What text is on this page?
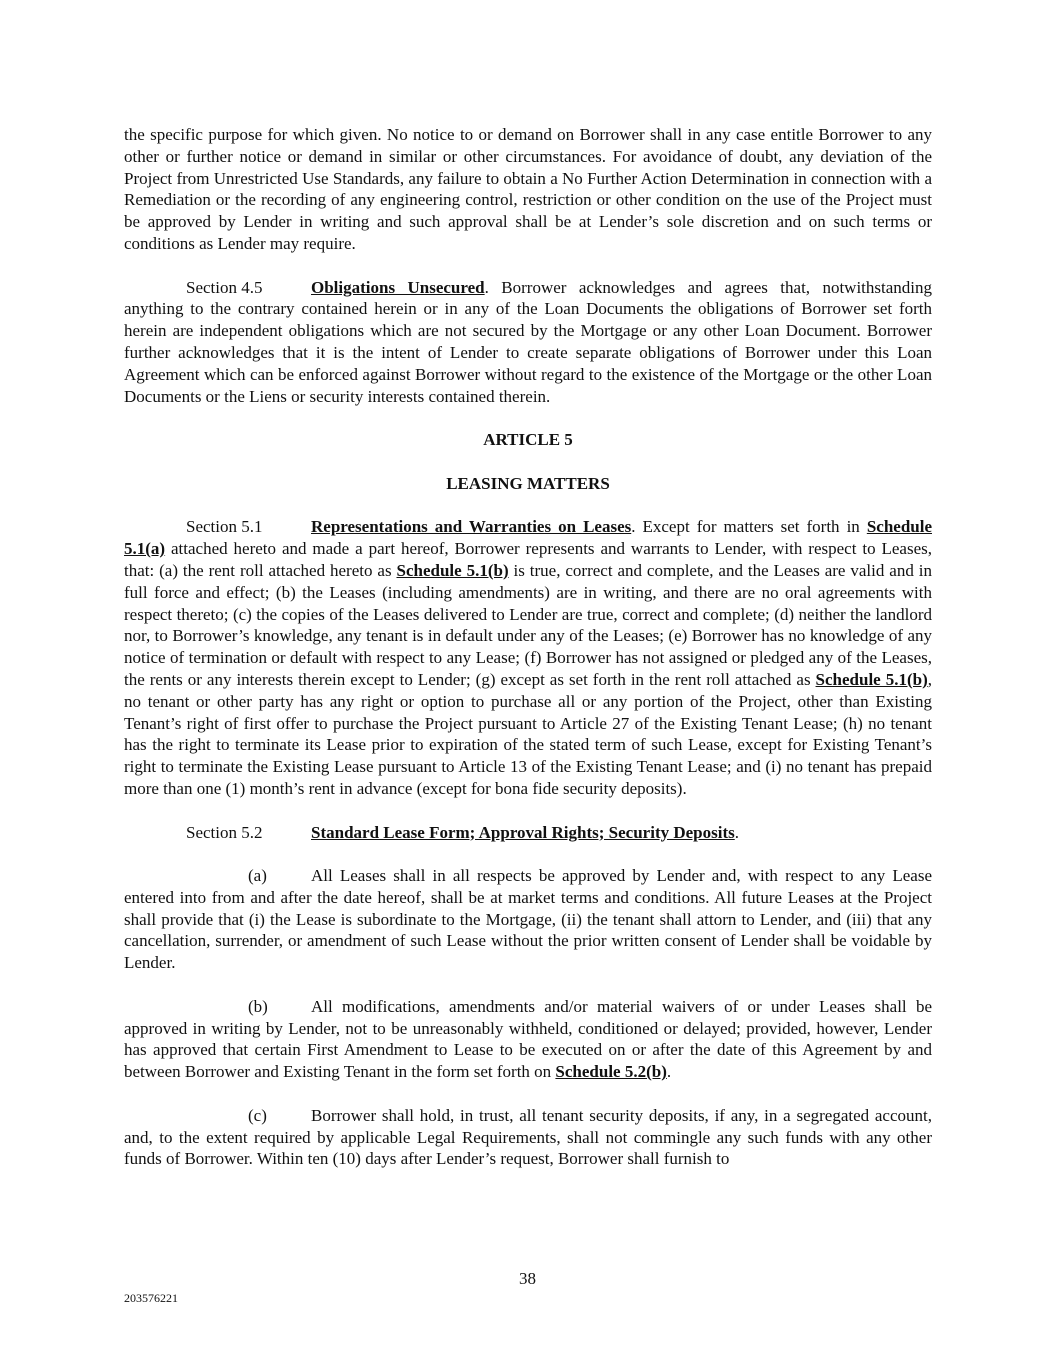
the specific purpose for which given. No notice to or demand on Borrower shall in any case entitle Borrower to any other or further notice or demand in similar or other circumstances. For avoidance of doubt, any deviation of the Project from Unrestricted Use Standards, any failure to obtain a No Further Action Determination in connection with a Remediation or the recording of any engineering control, restriction or other condition on the use of the Project must be approved by Lender in writing and such approval shall be at Lender’s sole discretion and on such terms or conditions as Lender may require.

Section 4.5	Obligations Unsecured. Borrower acknowledges and agrees that, notwithstanding anything to the contrary contained herein or in any of the Loan Documents the obligations of Borrower set forth herein are independent obligations which are not secured by the Mortgage or any other Loan Document. Borrower further acknowledges that it is the intent of Lender to create separate obligations of Borrower under this Loan Agreement which can be enforced against Borrower without regard to the existence of the Mortgage or the other Loan Documents or the Liens or security interests contained therein.

ARTICLE 5

LEASING MATTERS

Section 5.1	Representations and Warranties on Leases. Except for matters set forth in Schedule 5.1(a) attached hereto and made a part hereof, Borrower represents and warrants to Lender, with respect to Leases, that: (a) the rent roll attached hereto as Schedule 5.1(b) is true, correct and complete, and the Leases are valid and in full force and effect; (b) the Leases (including amendments) are in writing, and there are no oral agreements with respect thereto; (c) the copies of the Leases delivered to Lender are true, correct and complete; (d) neither the landlord nor, to Borrower’s knowledge, any tenant is in default under any of the Leases; (e) Borrower has no knowledge of any notice of termination or default with respect to any Lease; (f) Borrower has not assigned or pledged any of the Leases, the rents or any interests therein except to Lender; (g) except as set forth in the rent roll attached as Schedule 5.1(b), no tenant or other party has any right or option to purchase all or any portion of the Project, other than Existing Tenant’s right of first offer to purchase the Project pursuant to Article 27 of the Existing Tenant Lease; (h) no tenant has the right to terminate its Lease prior to expiration of the stated term of such Lease, except for Existing Tenant’s right to terminate the Existing Lease pursuant to Article 13 of the Existing Tenant Lease; and (i) no tenant has prepaid more than one (1) month’s rent in advance (except for bona fide security deposits).

Section 5.2	Standard Lease Form; Approval Rights; Security Deposits.

(a)	All Leases shall in all respects be approved by Lender and, with respect to any Lease entered into from and after the date hereof, shall be at market terms and conditions. All future Leases at the Project shall provide that (i) the Lease is subordinate to the Mortgage, (ii) the tenant shall attorn to Lender, and (iii) that any cancellation, surrender, or amendment of such Lease without the prior written consent of Lender shall be voidable by Lender.

(b)	All modifications, amendments and/or material waivers of or under Leases shall be approved in writing by Lender, not to be unreasonably withheld, conditioned or delayed; provided, however, Lender has approved that certain First Amendment to Lease to be executed on or after the date of this Agreement by and between Borrower and Existing Tenant in the form set forth on Schedule 5.2(b).

(c)	Borrower shall hold, in trust, all tenant security deposits, if any, in a segregated account, and, to the extent required by applicable Legal Requirements, shall not commingle any such funds with any other funds of Borrower. Within ten (10) days after Lender’s request, Borrower shall furnish to

38
203576221
